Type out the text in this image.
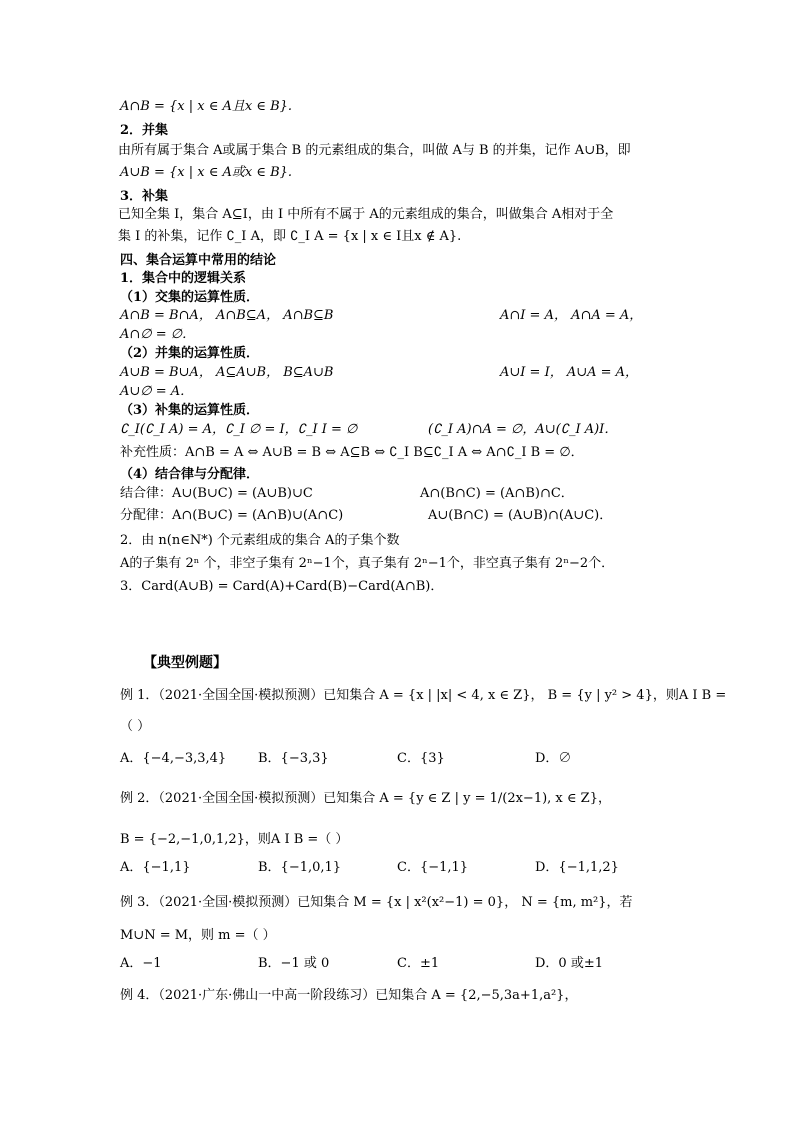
A∩B = {x | x ∈ A且x ∈ B}.
2．并集
由所有属于集合 A或属于集合 B 的元素组成的集合，叫做 A与 B 的并集，记作 A∪B，即
A∪B = {x | x ∈ A或x ∈ B}.
3．补集
已知全集 I，集合 A⊆I，由 I 中所有不属于 A的元素组成的集合，叫做集合 A相对于全
集 I 的补集，记作 ∁_I A，即 ∁_I A = {x | x ∈ I且x ∉ A}.
四、集合运算中常用的结论
1．集合中的逻辑关系
（1）交集的运算性质．
A∩B = B∩A， A∩B⊆A， A∩B⊆B	A∩I = A， A∩A = A，
A∩∅ = ∅．
（2）并集的运算性质．
A∪B = B∪A， A⊆A∪B， B⊆A∪B	A∪I = I， A∪A = A，
A∪∅ = A．
（3）补集的运算性质．
∁_I(∁_I A) = A，∁_I ∅ = I，∁_I I = ∅	(∁_I A)∩A = ∅，A∪(∁_I A)I．
补充性质：A∩B = A ⇔ A∪B = B ⇔ A⊆B ⇔ ∁_I B⊆∁_I A ⇔ A∩∁_I B = ∅．
（4）结合律与分配律．
结合律：A∪(B∪C) = (A∪B)∪C	A∩(B∩C) = (A∩B)∩C．
分配律：A∩(B∪C) = (A∩B)∪(A∩C)	A∪(B∩C) = (A∪B)∩(A∪C)．
2．由 n(n∈N*) 个元素组成的集合 A的子集个数
A的子集有 2ⁿ 个，非空子集有 2ⁿ−1个，真子集有 2ⁿ−1个，非空真子集有 2ⁿ−2个．
3．Card(A∪B) = Card(A)+Card(B)−Card(A∩B)．
【典型例题】
例 1．（2021·全国全国·模拟预测）已知集合 A = {x | |x| < 4, x ∈ Z}， B = {y | y² > 4}，则A I B =
（ ）
A．{−4,−3,3,4} B．{−3,3}	C．{3}	D．∅
例 2．（2021·全国全国·模拟预测）已知集合 A = {y ∈ Z | y = 1/(2x−1), x ∈ Z}，
B = {−2,−1,0,1,2}，则A I B =（ ）
A．{−1,1}	B．{−1,0,1}	C．{−1,1}	D．{−1,1,2}
例 3．（2021·全国·模拟预测）已知集合 M = {x | x²(x²−1) = 0}， N = {m, m²}，若
M∪N = M，则 m =（ ）
A．−1	B．−1 或 0	C．±1	D．0 或±1
例 4．（2021·广东·佛山一中高一阶段练习）已知集合 A = {2,−5,3a+1,a²}，
